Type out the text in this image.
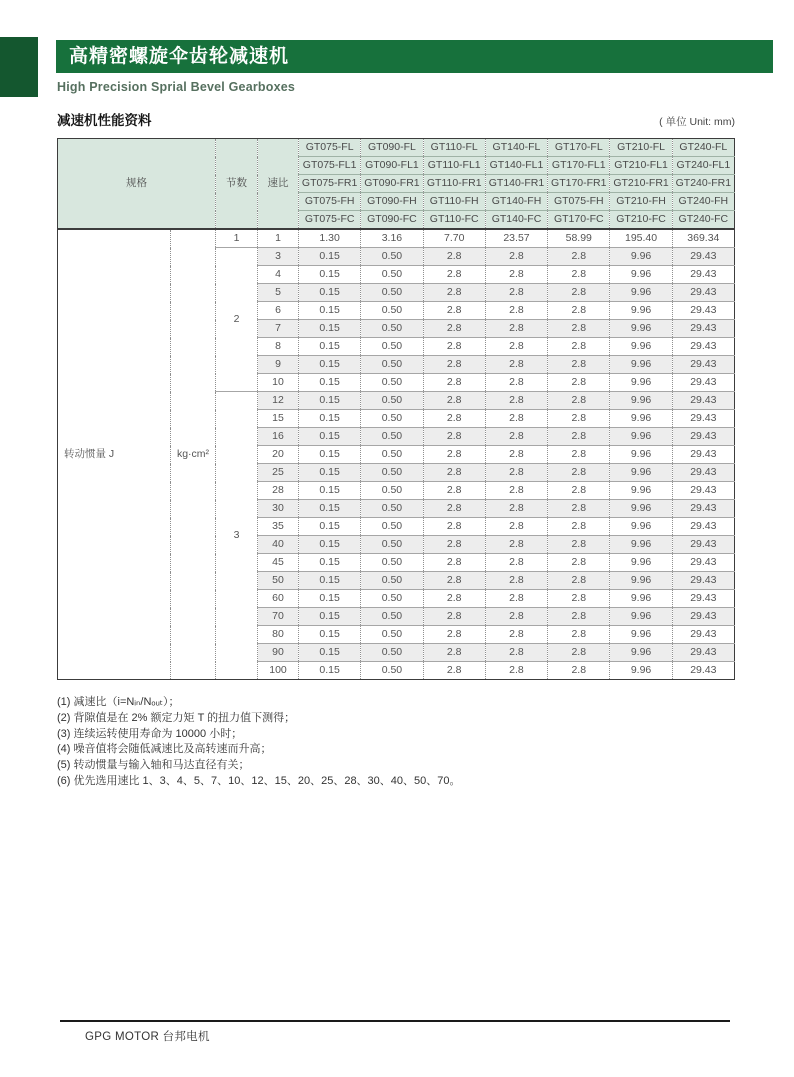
高精密螺旋伞齿轮减速机
High Precision Sprial Bevel Gearboxes
减速机性能资料	( 单位 Unit: mm)
规格		节数	速比	GT075-FL	GT090-FL	GT110-FL	GT140-FL	GT170-FL	GT210-FL	GT240-FL
				GT075-FL1	GT090-FL1	GT110-FL1	GT140-FL1	GT170-FL1	GT210-FL1	GT240-FL1
				GT075-FR1	GT090-FR1	GT110-FR1	GT140-FR1	GT170-FR1	GT210-FR1	GT240-FR1
				GT075-FH	GT090-FH	GT110-FH	GT140-FH	GT075-FH	GT210-FH	GT240-FH
				GT075-FC	GT090-FC	GT110-FC	GT140-FC	GT170-FC	GT210-FC	GT240-FC
转动惯量 J	kg·cm²	1	1	1.30	3.16	7.70	23.57	58.99	195.40	369.34
		2	3	0.15	0.50	2.8	2.8	2.8	9.96	29.43
			4	0.15	0.50	2.8	2.8	2.8	9.96	29.43
			5	0.15	0.50	2.8	2.8	2.8	9.96	29.43
			6	0.15	0.50	2.8	2.8	2.8	9.96	29.43
			7	0.15	0.50	2.8	2.8	2.8	9.96	29.43
			8	0.15	0.50	2.8	2.8	2.8	9.96	29.43
			9	0.15	0.50	2.8	2.8	2.8	9.96	29.43
			10	0.15	0.50	2.8	2.8	2.8	9.96	29.43
		3	12	0.15	0.50	2.8	2.8	2.8	9.96	29.43
			15	0.15	0.50	2.8	2.8	2.8	9.96	29.43
			16	0.15	0.50	2.8	2.8	2.8	9.96	29.43
			20	0.15	0.50	2.8	2.8	2.8	9.96	29.43
			25	0.15	0.50	2.8	2.8	2.8	9.96	29.43
			28	0.15	0.50	2.8	2.8	2.8	9.96	29.43
			30	0.15	0.50	2.8	2.8	2.8	9.96	29.43
			35	0.15	0.50	2.8	2.8	2.8	9.96	29.43
			40	0.15	0.50	2.8	2.8	2.8	9.96	29.43
			45	0.15	0.50	2.8	2.8	2.8	9.96	29.43
			50	0.15	0.50	2.8	2.8	2.8	9.96	29.43
			60	0.15	0.50	2.8	2.8	2.8	9.96	29.43
			70	0.15	0.50	2.8	2.8	2.8	9.96	29.43
			80	0.15	0.50	2.8	2.8	2.8	9.96	29.43
			90	0.15	0.50	2.8	2.8	2.8	9.96	29.43
			100	0.15	0.50	2.8	2.8	2.8	9.96	29.43
(1) 减速比（i=Nᵢₙ/Nₒᵤₜ）；
(2) 背隙值是在 2% 额定力矩 T 的扭力值下测得；
(3) 连续运转使用寿命为 10000 小时；
(4) 噪音值将会随低减速比及高转速而升高；
(5) 转动惯量与输入轴和马达直径有关；
(6) 优先选用速比 1、3、4、5、7、10、12、15、20、25、28、30、40、50、70。
GPG MOTOR 台邦电机
